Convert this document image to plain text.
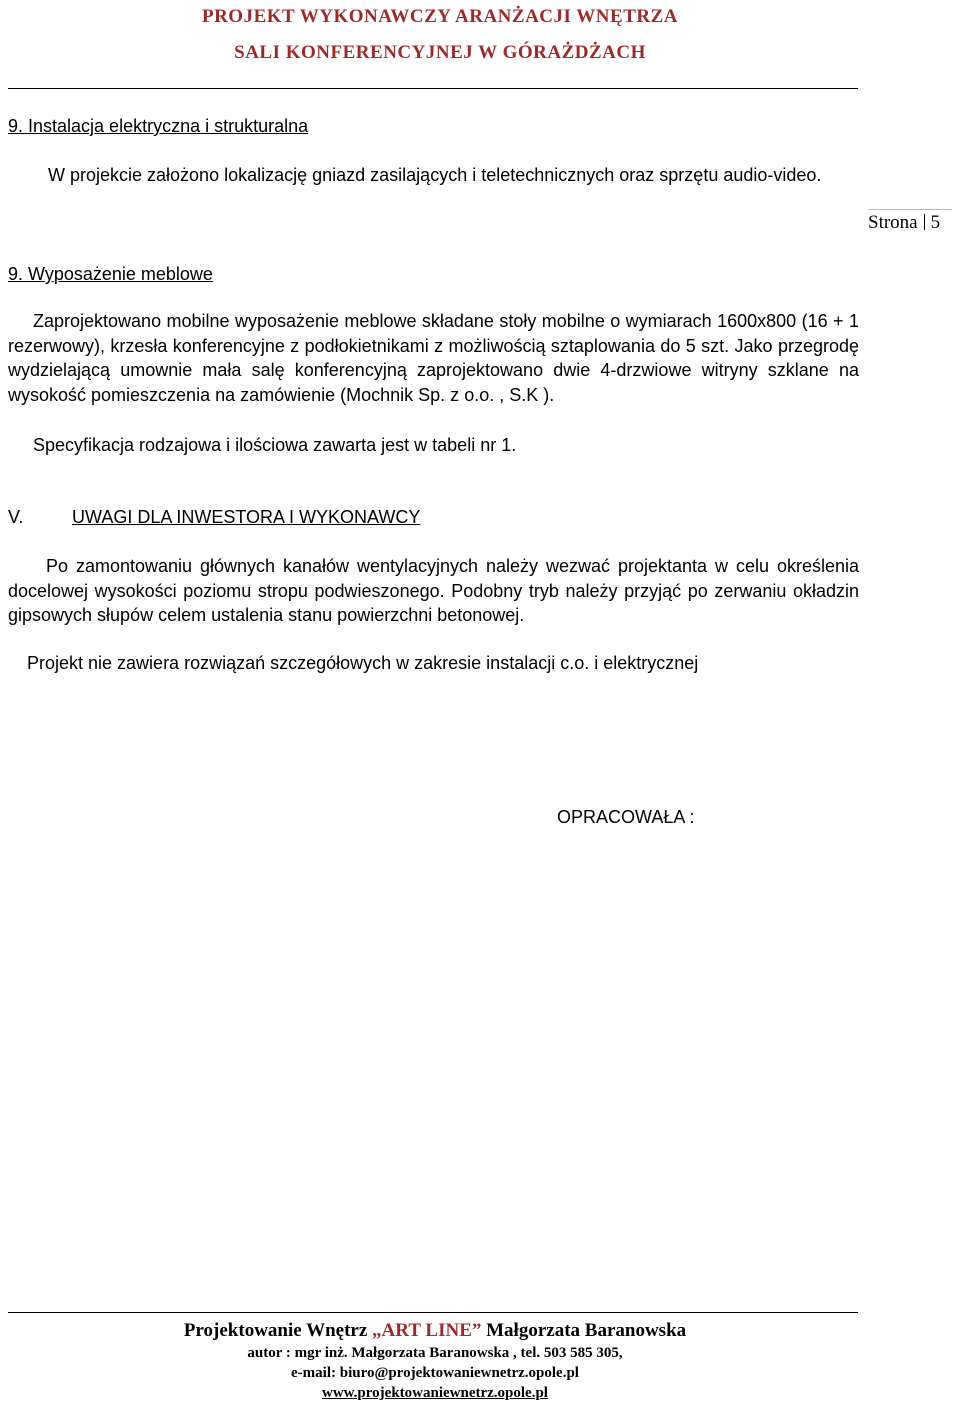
PROJEKT WYKONAWCZY ARANŻACJI WNĘTRZA
SALI KONFERENCYJNEJ W GÓRAŻDŻACH
Strona 5
9. Instalacja elektryczna i strukturalna

W projekcie założono lokalizację gniazd zasilających i teletechnicznych oraz sprzętu audio-video.

9. Wyposażenie meblowe

Zaprojektowano mobilne wyposażenie meblowe składane stoły mobilne o wymiarach 1600x800 (16 + 1 rezerwowy), krzesła konferencyjne z podłokietnikami z możliwością sztaplowania do 5 szt. Jako przegrodę wydzielającą umownie mała salę konferencyjną zaprojektowano dwie 4-drzwiowe witryny szklane na wysokość pomieszczenia na zamówienie (Mochnik Sp. z o.o. , S.K ).

Specyfikacja rodzajowa i ilościowa zawarta jest w tabeli nr 1.
V.	UWAGI DLA INWESTORA I WYKONAWCY

Po zamontowaniu głównych kanałów wentylacyjnych należy wezwać projektanta w celu określenia docelowej wysokości poziomu stropu podwieszonego. Podobny tryb należy przyjąć po zerwaniu okładzin gipsowych słupów celem ustalenia stanu powierzchni betonowej.

Projekt nie zawiera rozwiązań szczegółowych w zakresie instalacji c.o. i elektrycznej
OPRACOWAŁA :
Projektowanie Wnętrz „ART LINE” Małgorzata Baranowska
autor : mgr inż. Małgorzata Baranowska , tel. 503 585 305,
e-mail: biuro@projektowaniewnetrz.opole.pl
www.projektowaniewnetrz.opole.pl
